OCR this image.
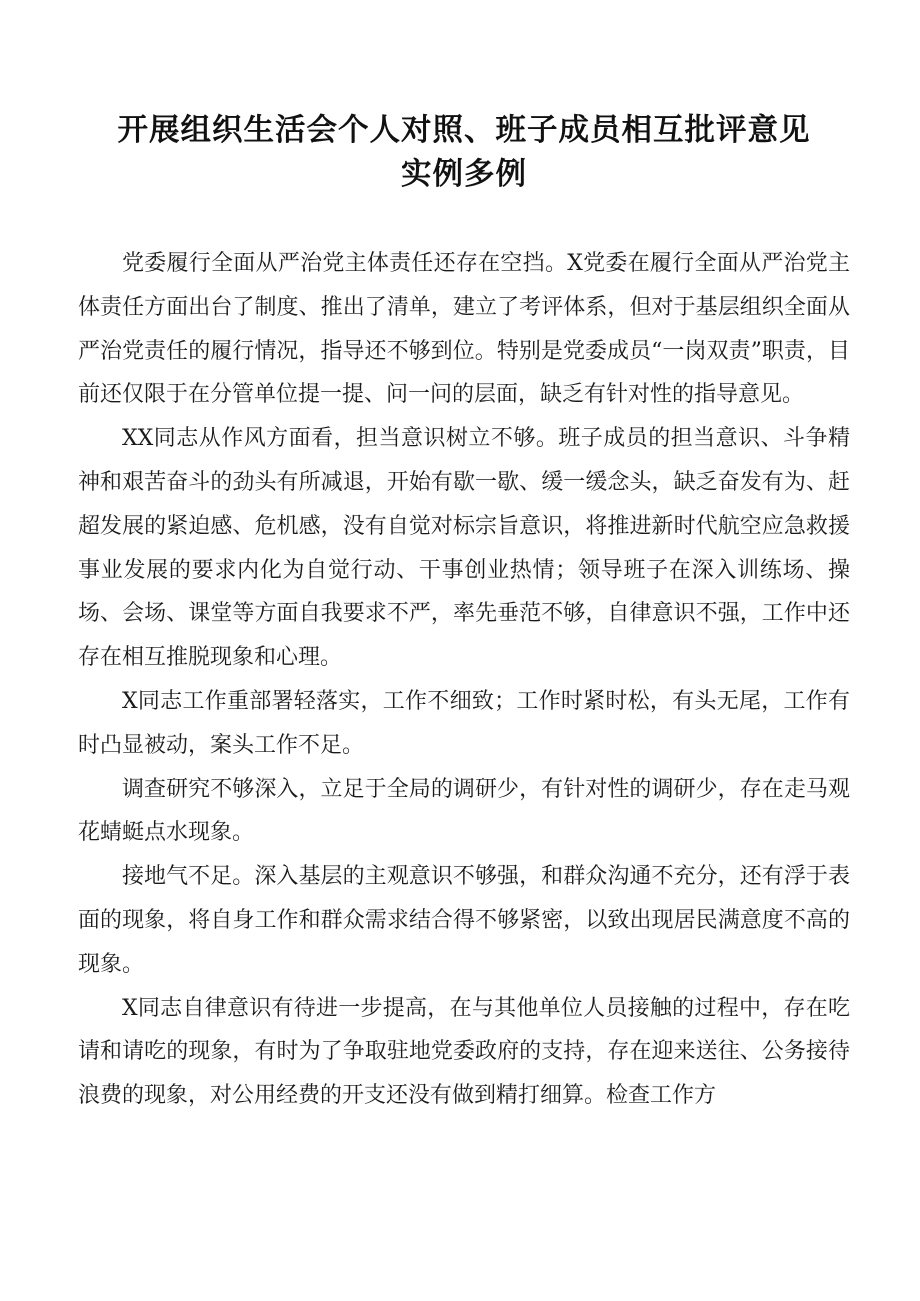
开展组织生活会个人对照、班子成员相互批评意见
实例多例

党委履行全面从严治党主体责任还存在空挡。X党委在履行全面从严治党主体责任方面出台了制度、推出了清单，建立了考评体系，但对于基层组织全面从严治党责任的履行情况，指导还不够到位。特别是党委成员“一岗双责”职责，目前还仅限于在分管单位提一提、问一问的层面，缺乏有针对性的指导意见。

XX同志从作风方面看，担当意识树立不够。班子成员的担当意识、斗争精神和艰苦奋斗的劲头有所减退，开始有歇一歇、缓一缓念头，缺乏奋发有为、赶超发展的紧迫感、危机感，没有自觉对标宗旨意识，将推进新时代航空应急救援事业发展的要求内化为自觉行动、干事创业热情；领导班子在深入训练场、操场、会场、课堂等方面自我要求不严，率先垂范不够，自律意识不强，工作中还存在相互推脱现象和心理。

X同志工作重部署轻落实，工作不细致；工作时紧时松，有头无尾，工作有时凸显被动，案头工作不足。

调查研究不够深入，立足于全局的调研少，有针对性的调研少，存在走马观花蜻蜓点水现象。

接地气不足。深入基层的主观意识不够强，和群众沟通不充分，还有浮于表面的现象，将自身工作和群众需求结合得不够紧密，以致出现居民满意度不高的现象。

X同志自律意识有待进一步提高，在与其他单位人员接触的过程中，存在吃请和请吃的现象，有时为了争取驻地党委政府的支持，存在迎来送往、公务接待浪费的现象，对公用经费的开支还没有做到精打细算。检查工作方
